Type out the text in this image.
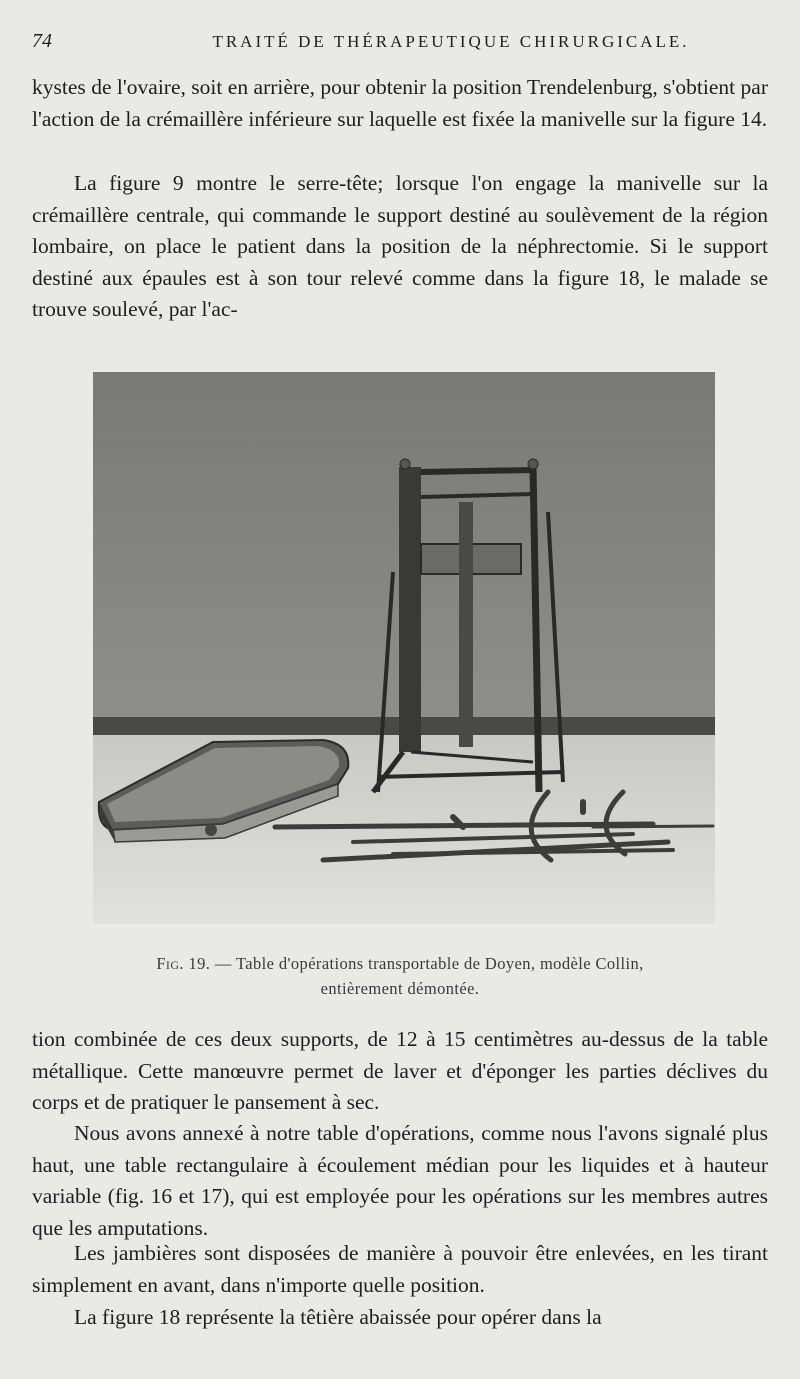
74	TRAITÉ DE THÉRAPEUTIQUE CHIRURGICALE.

kystes de l'ovaire, soit en arrière, pour obtenir la position Trendelenburg, s'obtient par l'action de la crémaillère inférieure sur laquelle est fixée la manivelle sur la figure 14.

La figure 9 montre le serre-tête; lorsque l'on engage la manivelle sur la crémaillère centrale, qui commande le support destiné au soulèvement de la région lombaire, on place le patient dans la position de la néphrectomie. Si le support destiné aux épaules est à son tour relevé comme dans la figure 18, le malade se trouve soulevé, par l'ac-

Fig. 19. — Table d'opérations transportable de Doyen, modèle Collin,
entièrement démontée.

tion combinée de ces deux supports, de 12 à 15 centimètres au-dessus de la table métallique. Cette manœuvre permet de laver et d'éponger les parties déclives du corps et de pratiquer le pansement à sec.

Nous avons annexé à notre table d'opérations, comme nous l'avons signalé plus haut, une table rectangulaire à écoulement médian pour les liquides et à hauteur variable (fig. 16 et 17), qui est employée pour les opérations sur les membres autres que les amputations.

Les jambières sont disposées de manière à pouvoir être enlevées, en les tirant simplement en avant, dans n'importe quelle position.

La figure 18 représente la têtière abaissée pour opérer dans la
